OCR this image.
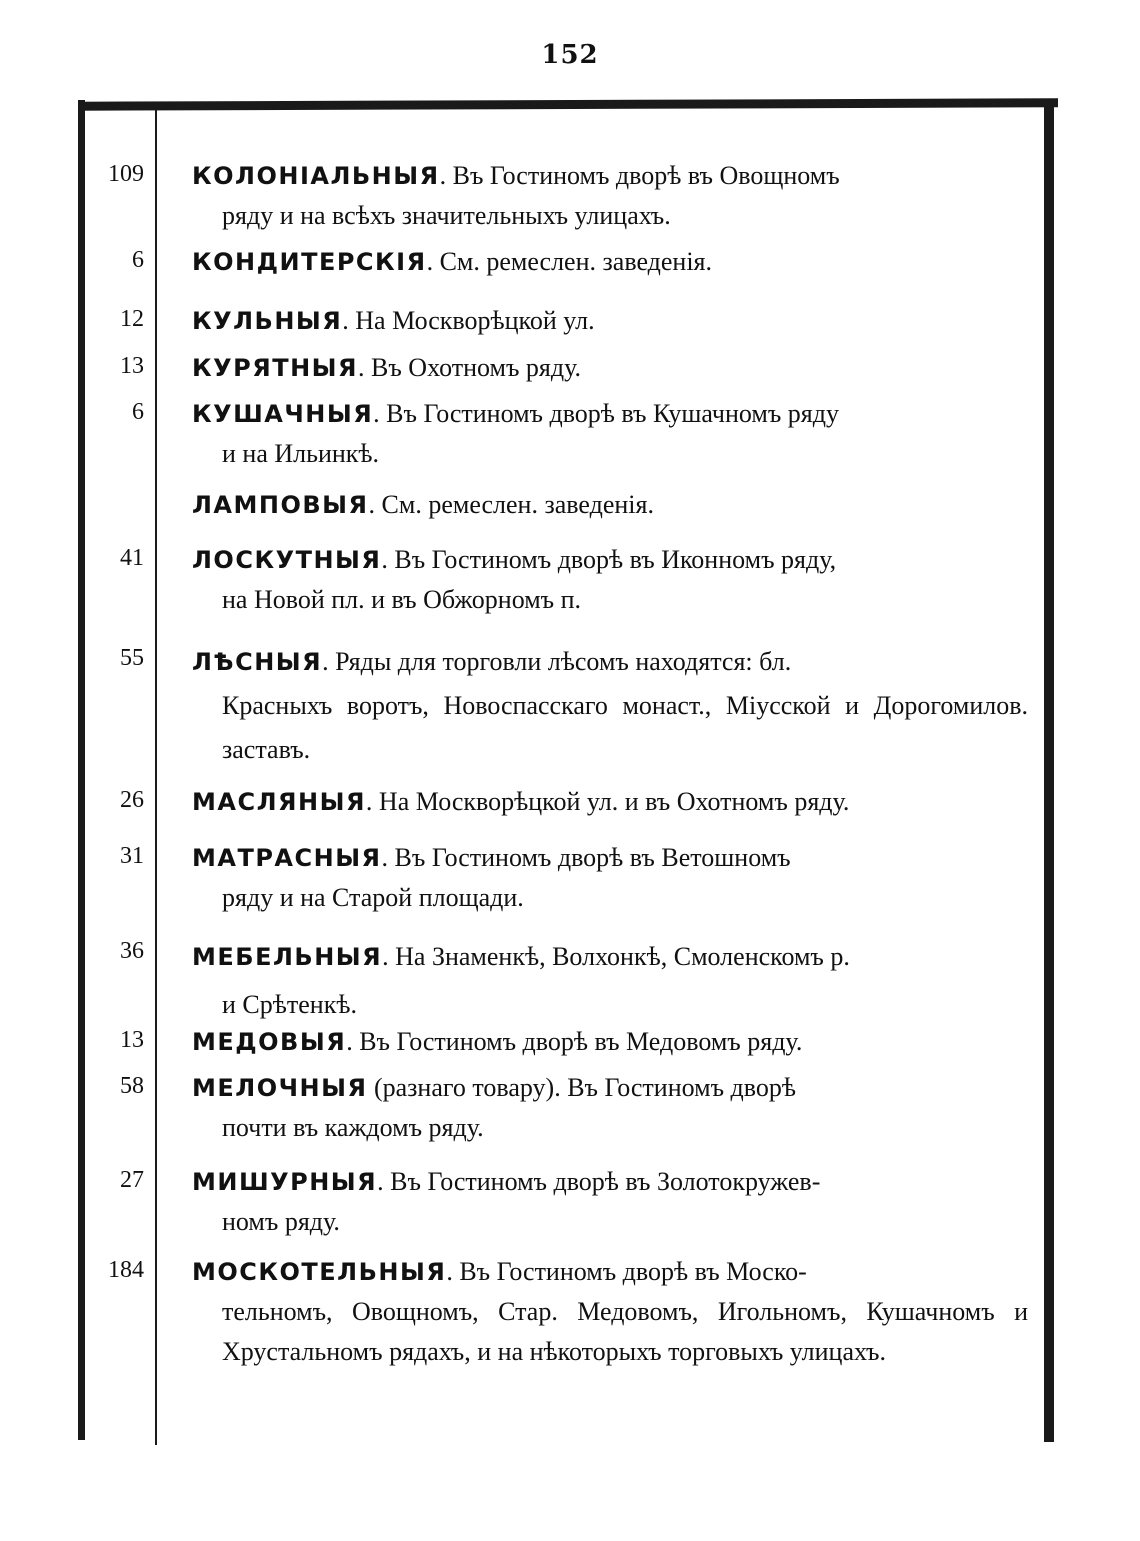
152
109 КОЛОНІАЛЬНЫЯ. Въ Гостиномъ дворѣ въ Овощномъ
ряду и на всѣхъ значительныхъ улицахъ.
6 КОНДИТЕРСКІЯ. См. ремеслен. заведенія.
12 КУЛЬНЫЯ. На Москворѣцкой ул.
13 КУРЯТНЫЯ. Въ Охотномъ ряду.
6 КУШАЧНЫЯ. Въ Гостиномъ дворѣ въ Кушачномъ ряду
и на Ильинкѣ.
ЛАМПОВЫЯ. См. ремеслен. заведенія.
41 ЛОСКУТНЫЯ. Въ Гостиномъ дворѣ въ Иконномъ ряду,
на Новой пл. и въ Обжорномъ п.
55 ЛѢСНЫЯ. Ряды для торговли лѣсомъ находятся: бл.
Красныхъ воротъ, Новоспасскаго монаст., Міусской и Дорогомилов. заставъ.
26 МАСЛЯНЫЯ. На Москворѣцкой ул. и въ Охотномъ ряду.
31 МАТРАСНЫЯ. Въ Гостиномъ дворѣ въ Ветошномъ
ряду и на Старой площади.
36 МЕБЕЛЬНЫЯ. На Знаменкѣ, Волхонкѣ, Смоленскомъ р.
и Срѣтенкѣ.
13 МЕДОВЫЯ. Въ Гостиномъ дворѣ въ Медовомъ ряду.
58 МЕЛОЧНЫЯ (разнаго товару). Въ Гостиномъ дворѣ
почти въ каждомъ ряду.
27 МИШУРНЫЯ. Въ Гостиномъ дворѣ въ Золотокружев-
номъ ряду.
184 МОСКОТЕЛЬНЫЯ. Въ Гостиномъ дворѣ въ Моско-
тельномъ, Овощномъ, Стар. Медовомъ, Игольномъ, Кушачномъ и Хрустальномъ рядахъ, и на нѣкоторыхъ торговыхъ улицахъ.
